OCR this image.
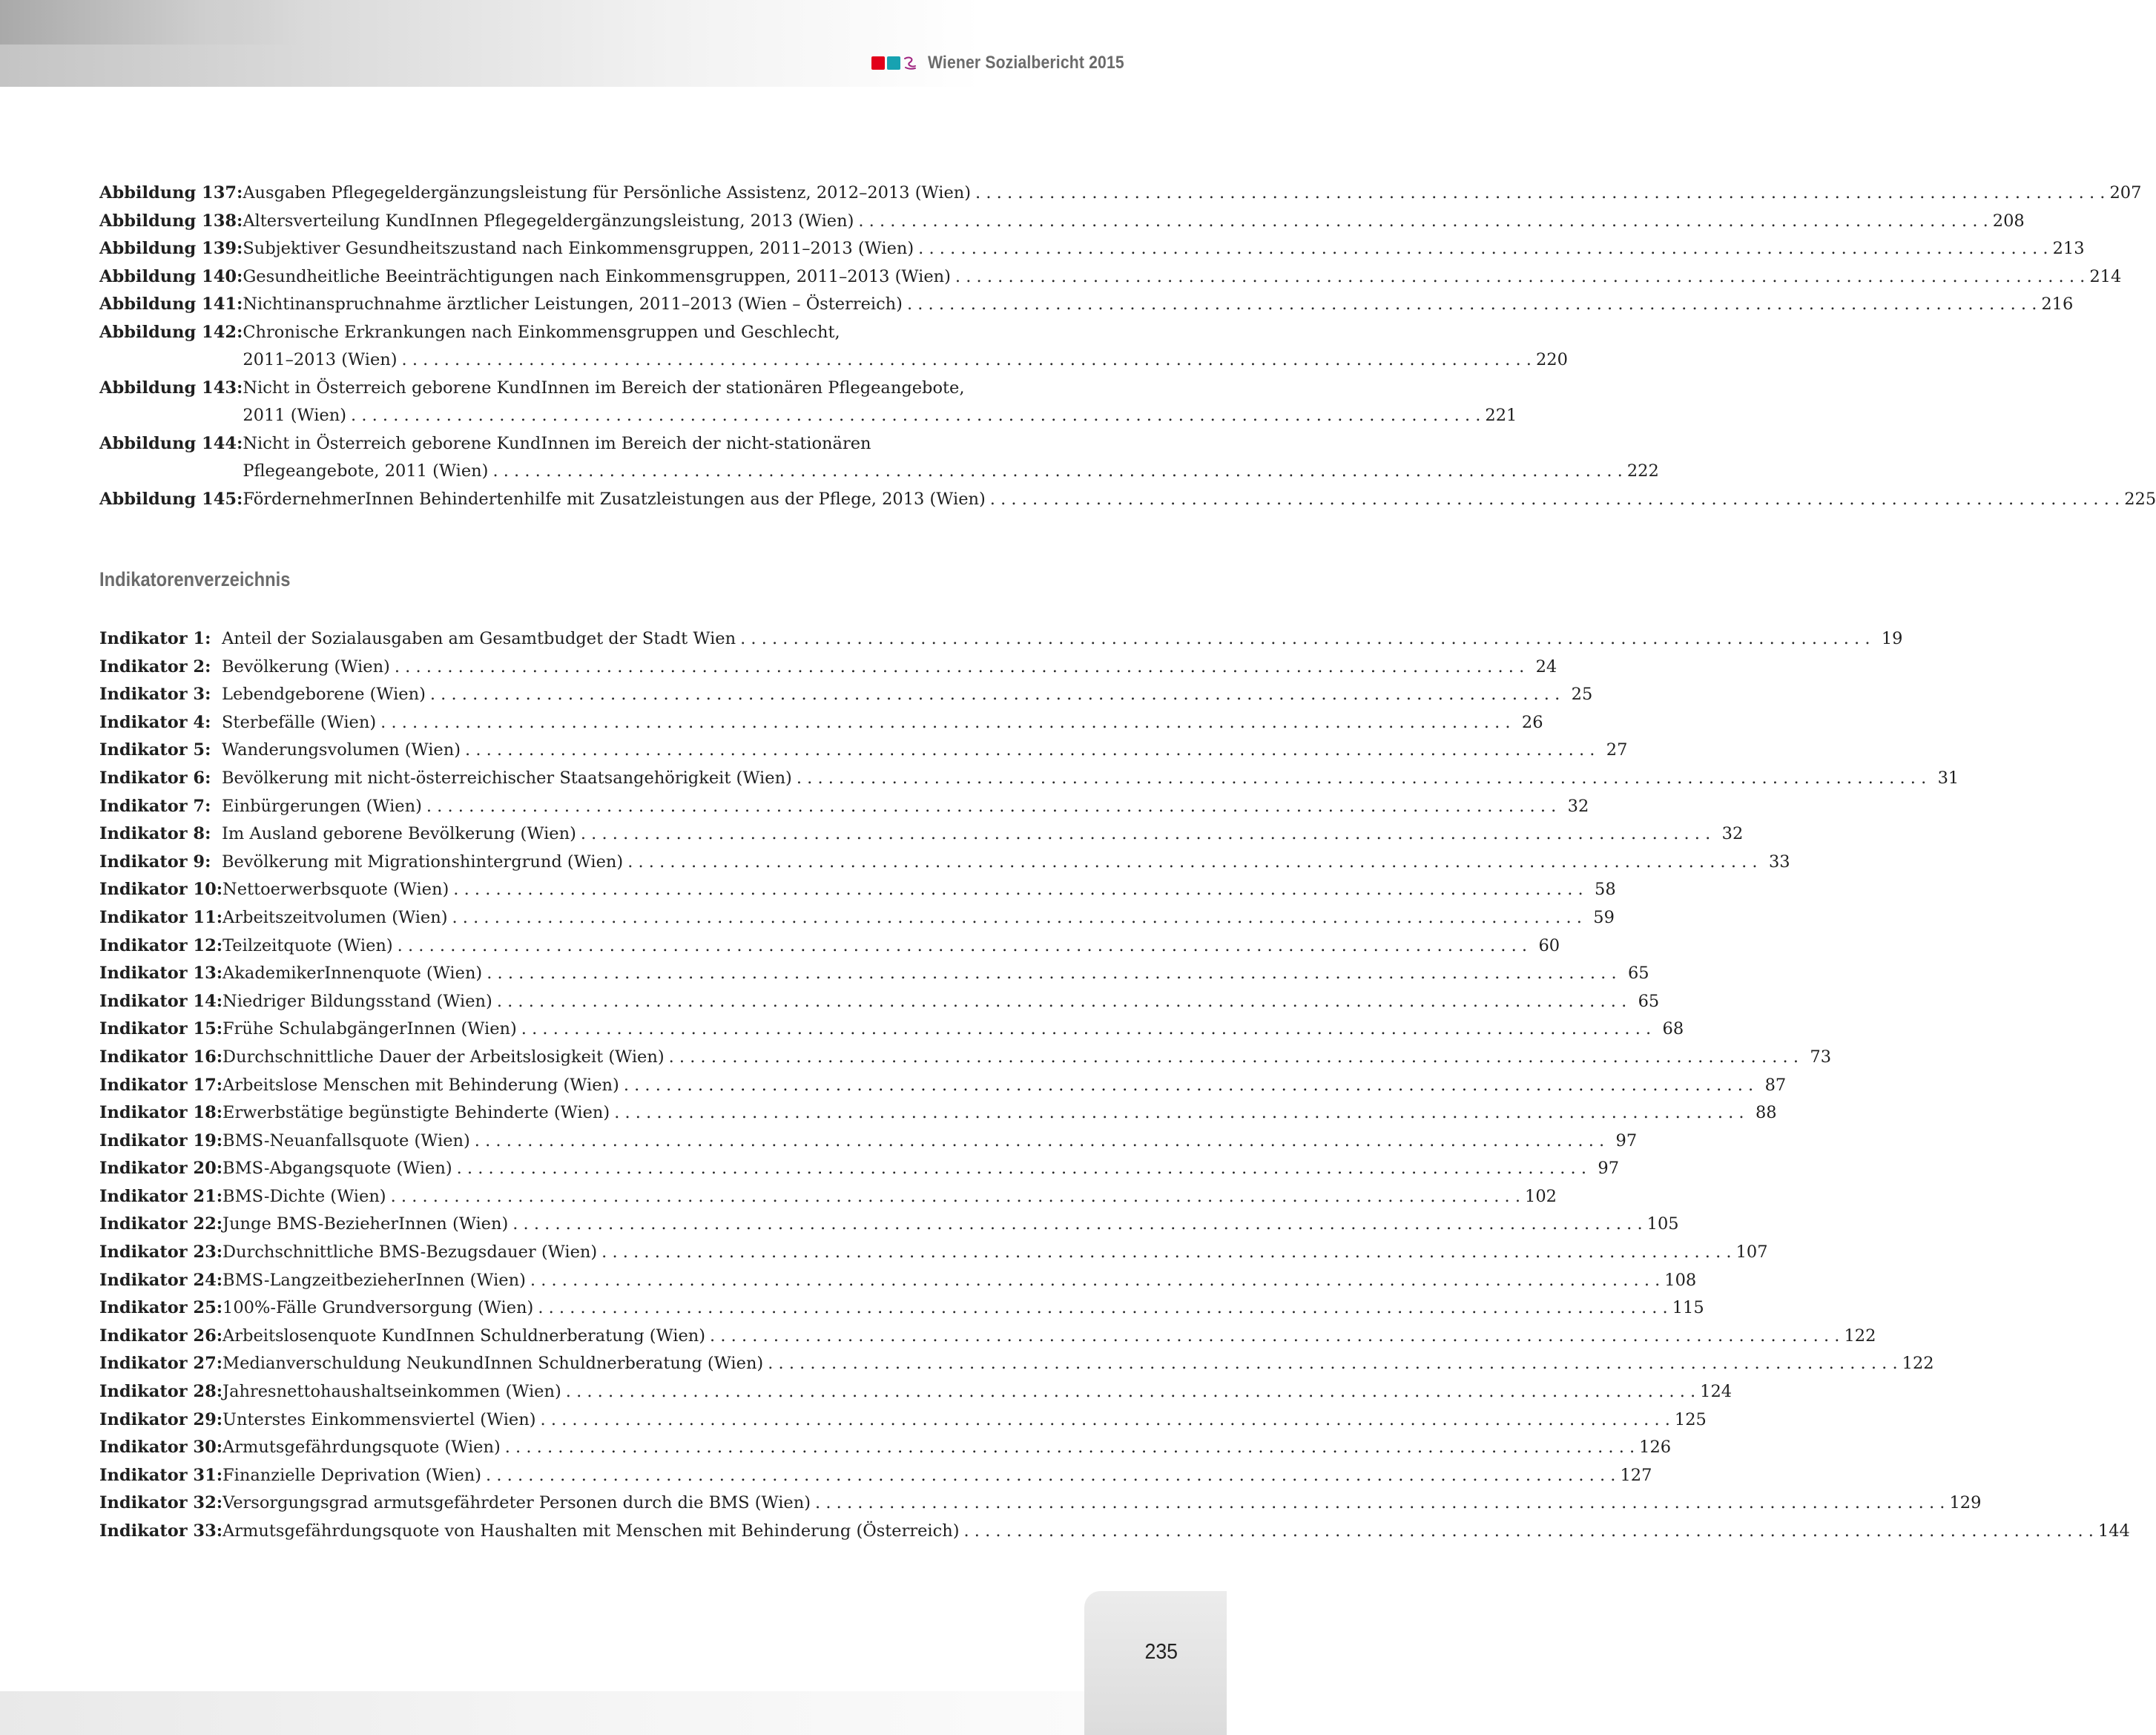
Wiener Sozialbericht 2015
Abbildung 137: Ausgaben Pflegegeldergänzungsleistung für Persönliche Assistenz, 2012–2013 (Wien) . . .	207
Abbildung 138: Altersverteilung KundInnen Pflegegeldergänzungsleistung, 2013 (Wien) . . .	208
Abbildung 139: Subjektiver Gesundheitszustand nach Einkommensgruppen, 2011–2013 (Wien) . . .	213
Abbildung 140: Gesundheitliche Beeinträchtigungen nach Einkommensgruppen, 2011–2013 (Wien) . . .	214
Abbildung 141: Nichtinanspruchnahme ärztlicher Leistungen, 2011–2013 (Wien – Österreich) . . .	216
Abbildung 142: Chronische Erkrankungen nach Einkommensgruppen und Geschlecht,
2011–2013 (Wien) . . .	220
Abbildung 143: Nicht in Österreich geborene KundInnen im Bereich der stationären Pflegeangebote,
2011 (Wien) . . .	221
Abbildung 144: Nicht in Österreich geborene KundInnen im Bereich der nicht-stationären
Pflegeangebote, 2011 (Wien) . . .	222
Abbildung 145: FördernehmerInnen Behindertenhilfe mit Zusatzleistungen aus der Pflege, 2013 (Wien) . . .	225
Indikatorenverzeichnis
Indikator 1: Anteil der Sozialausgaben am Gesamtbudget der Stadt Wien . . .	19
Indikator 2: Bevölkerung (Wien) . . .	24
Indikator 3: Lebendgeborene (Wien) . . .	25
Indikator 4: Sterbefälle (Wien) . . .	26
Indikator 5: Wanderungsvolumen (Wien) . . .	27
Indikator 6: Bevölkerung mit nicht-österreichischer Staatsangehörigkeit (Wien) . . .	31
Indikator 7: Einbürgerungen (Wien) . . .	32
Indikator 8: Im Ausland geborene Bevölkerung (Wien) . . .	32
Indikator 9: Bevölkerung mit Migrationshintergrund (Wien) . . .	33
Indikator 10: Nettoerwerbsquote (Wien) . . .	58
Indikator 11: Arbeitszeitvolumen (Wien) . . .	59
Indikator 12: Teilzeitquote (Wien) . . .	60
Indikator 13: AkademikerInnenquote (Wien) . . .	65
Indikator 14: Niedriger Bildungsstand (Wien) . . .	65
Indikator 15: Frühe SchulabgängerInnen (Wien) . . .	68
Indikator 16: Durchschnittliche Dauer der Arbeitslosigkeit (Wien) . . .	73
Indikator 17: Arbeitslose Menschen mit Behinderung (Wien) . . .	87
Indikator 18: Erwerbstätige begünstigte Behinderte (Wien) . . .	88
Indikator 19: BMS-Neuanfallsquote (Wien) . . .	97
Indikator 20: BMS-Abgangsquote (Wien) . . .	97
Indikator 21: BMS-Dichte (Wien) . . .	102
Indikator 22: Junge BMS-BezieherInnen (Wien) . . .	105
Indikator 23: Durchschnittliche BMS-Bezugsdauer (Wien) . . .	107
Indikator 24: BMS-LangzeitbezieherInnen (Wien) . . .	108
Indikator 25: 100%-Fälle Grundversorgung (Wien) . . .	115
Indikator 26: Arbeitslosenquote KundInnen Schuldnerberatung (Wien) . . .	122
Indikator 27: Medianverschuldung NeukundInnen Schuldnerberatung (Wien) . . .	122
Indikator 28: Jahresnettohaushaltseinkommen (Wien) . . .	124
Indikator 29: Unterstes Einkommensviertel (Wien) . . .	125
Indikator 30: Armutsgefährdungsquote (Wien) . . .	126
Indikator 31: Finanzielle Deprivation (Wien) . . .	127
Indikator 32: Versorgungsgrad armutsgefährdeter Personen durch die BMS (Wien) . . .	129
Indikator 33: Armutsgefährdungsquote von Haushalten mit Menschen mit Behinderung (Österreich) . . .	144
235
